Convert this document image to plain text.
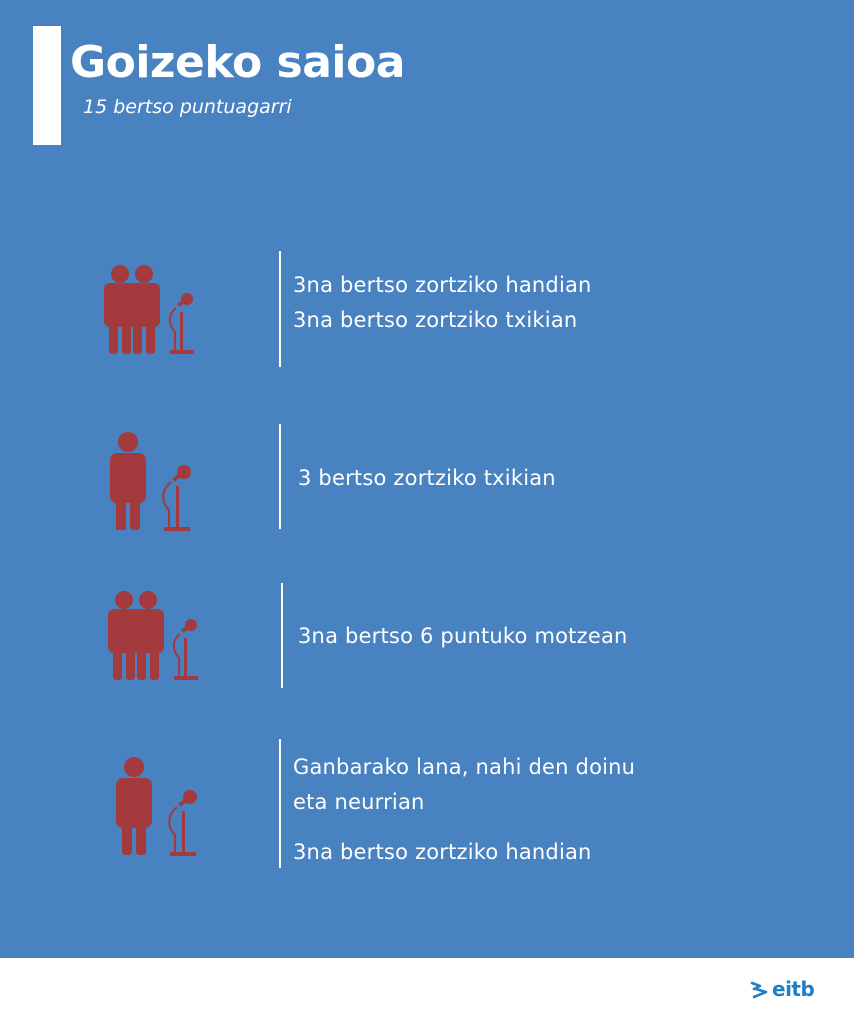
Goizeko saioa
15 bertso puntuagarri
3na bertso zortziko handian
3na bertso zortziko txikian
3 bertso zortziko txikian
3na bertso 6 puntuko motzean
Ganbarako lana, nahi den doinu
eta neurrian
3na bertso zortziko handian
eitb
